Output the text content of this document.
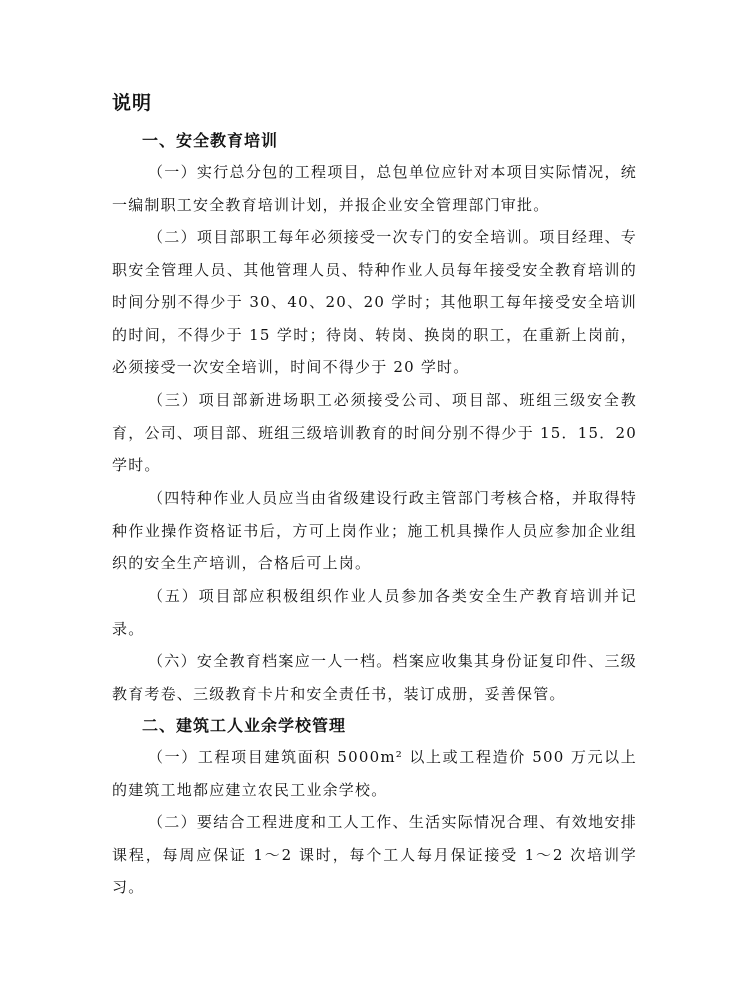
说明
一、安全教育培训

（一）实行总分包的工程项目，总包单位应针对本项目实际情况，统一编制职工安全教育培训计划，并报企业安全管理部门审批。

（二）项目部职工每年必须接受一次专门的安全培训。项目经理、专职安全管理人员、其他管理人员、特种作业人员每年接受安全教育培训的时间分别不得少于 30、40、20、20 学时；其他职工每年接受安全培训的时间，不得少于 15 学时；待岗、转岗、换岗的职工，在重新上岗前，必须接受一次安全培训，时间不得少于 20 学时。

（三）项目部新进场职工必须接受公司、项目部、班组三级安全教育，公司、项目部、班组三级培训教育的时间分别不得少于 15．15．20 学时。

（四特种作业人员应当由省级建设行政主管部门考核合格，并取得特种作业操作资格证书后，方可上岗作业；施工机具操作人员应参加企业组织的安全生产培训，合格后可上岗。

（五）项目部应积极组织作业人员参加各类安全生产教育培训并记录。

（六）安全教育档案应一人一档。档案应收集其身份证复印件、三级教育考卷、三级教育卡片和安全责任书，装订成册，妥善保管。

二、建筑工人业余学校管理

（一）工程项目建筑面积 5000m² 以上或工程造价 500 万元以上的建筑工地都应建立农民工业余学校。

（二）要结合工程进度和工人工作、生活实际情况合理、有效地安排课程，每周应保证 1～2 课时，每个工人每月保证接受 1～2 次培训学习。
